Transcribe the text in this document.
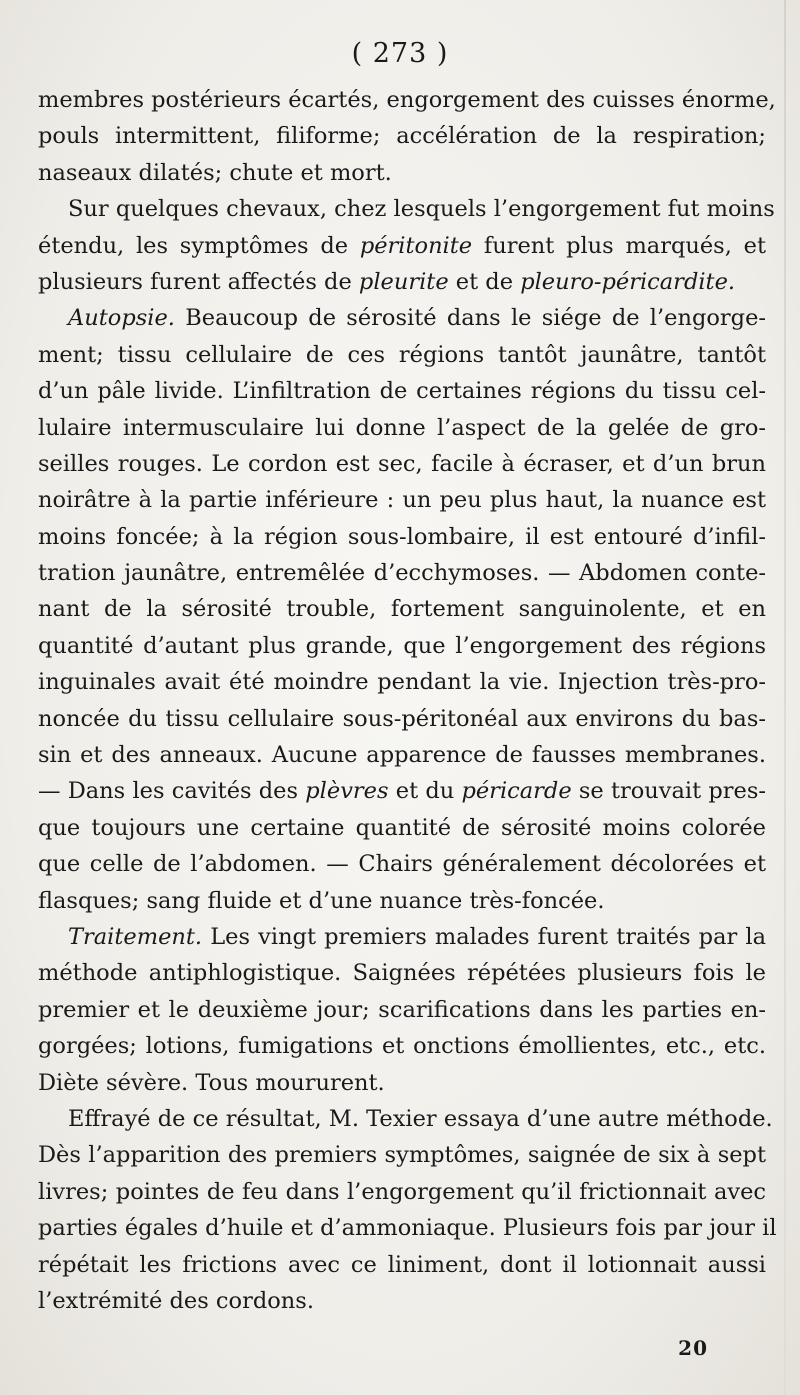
( 273 )
membres postérieurs écartés, engorgement des cuisses énorme,
pouls intermittent, filiforme; accélération de la respiration;
naseaux dilatés; chute et mort.
Sur quelques chevaux, chez lesquels l’engorgement fut moins
étendu, les symptômes de péritonite furent plus marqués, et
plusieurs furent affectés de pleurite et de pleuro-péricardite.
Autopsie. Beaucoup de sérosité dans le siége de l’engorge-
ment; tissu cellulaire de ces régions tantôt jaunâtre, tantôt
d’un pâle livide. L’infiltration de certaines régions du tissu cel-
lulaire intermusculaire lui donne l’aspect de la gelée de gro-
seilles rouges. Le cordon est sec, facile à écraser, et d’un brun
noirâtre à la partie inférieure : un peu plus haut, la nuance est
moins foncée; à la région sous-lombaire, il est entouré d’infil-
tration jaunâtre, entremêlée d’ecchymoses. — Abdomen conte-
nant de la sérosité trouble, fortement sanguinolente, et en
quantité d’autant plus grande, que l’engorgement des régions
inguinales avait été moindre pendant la vie. Injection très-pro-
noncée du tissu cellulaire sous-péritonéal aux environs du bas-
sin et des anneaux. Aucune apparence de fausses membranes.
— Dans les cavités des plèvres et du péricarde se trouvait pres-
que toujours une certaine quantité de sérosité moins colorée
que celle de l’abdomen. — Chairs généralement décolorées et
flasques; sang fluide et d’une nuance très-foncée.
Traitement. Les vingt premiers malades furent traités par la
méthode antiphlogistique. Saignées répétées plusieurs fois le
premier et le deuxième jour; scarifications dans les parties en-
gorgées; lotions, fumigations et onctions émollientes, etc., etc.
Diète sévère. Tous moururent.
Effrayé de ce résultat, M. Texier essaya d’une autre méthode.
Dès l’apparition des premiers symptômes, saignée de six à sept
livres; pointes de feu dans l’engorgement qu’il frictionnait avec
parties égales d’huile et d’ammoniaque. Plusieurs fois par jour il
répétait les frictions avec ce liniment, dont il lotionnait aussi
l’extrémité des cordons.
20
